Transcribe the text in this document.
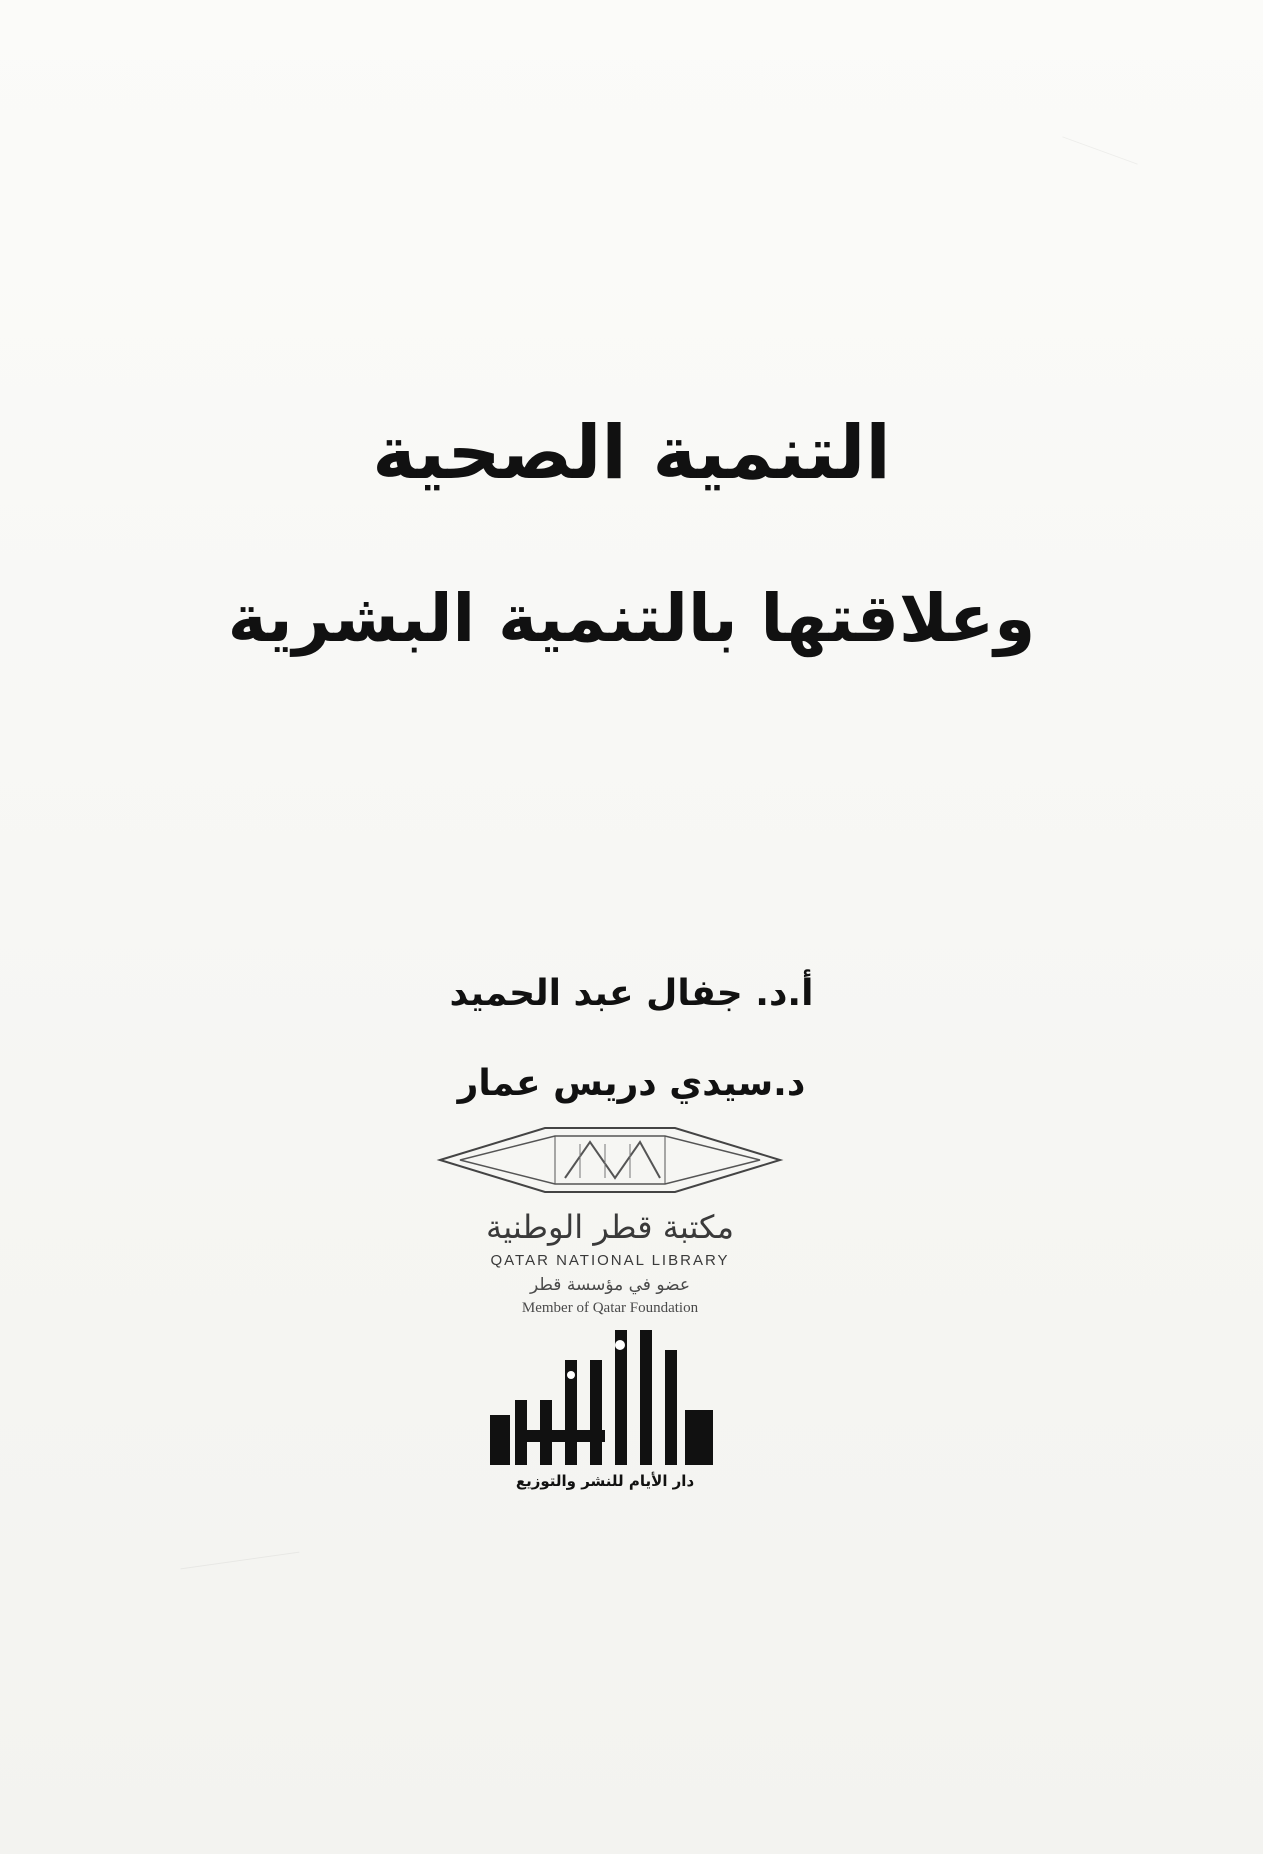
التنمية الصحية
وعلاقتها بالتنمية البشرية
أ.د. جفال عبد الحميد
د.سيدي دريس عمار
مكتبة قطر الوطنية
QATAR NATIONAL LIBRARY
عضو في مؤسسة قطر
Member of Qatar Foundation
دار الأيام للنشر والتوزيع
